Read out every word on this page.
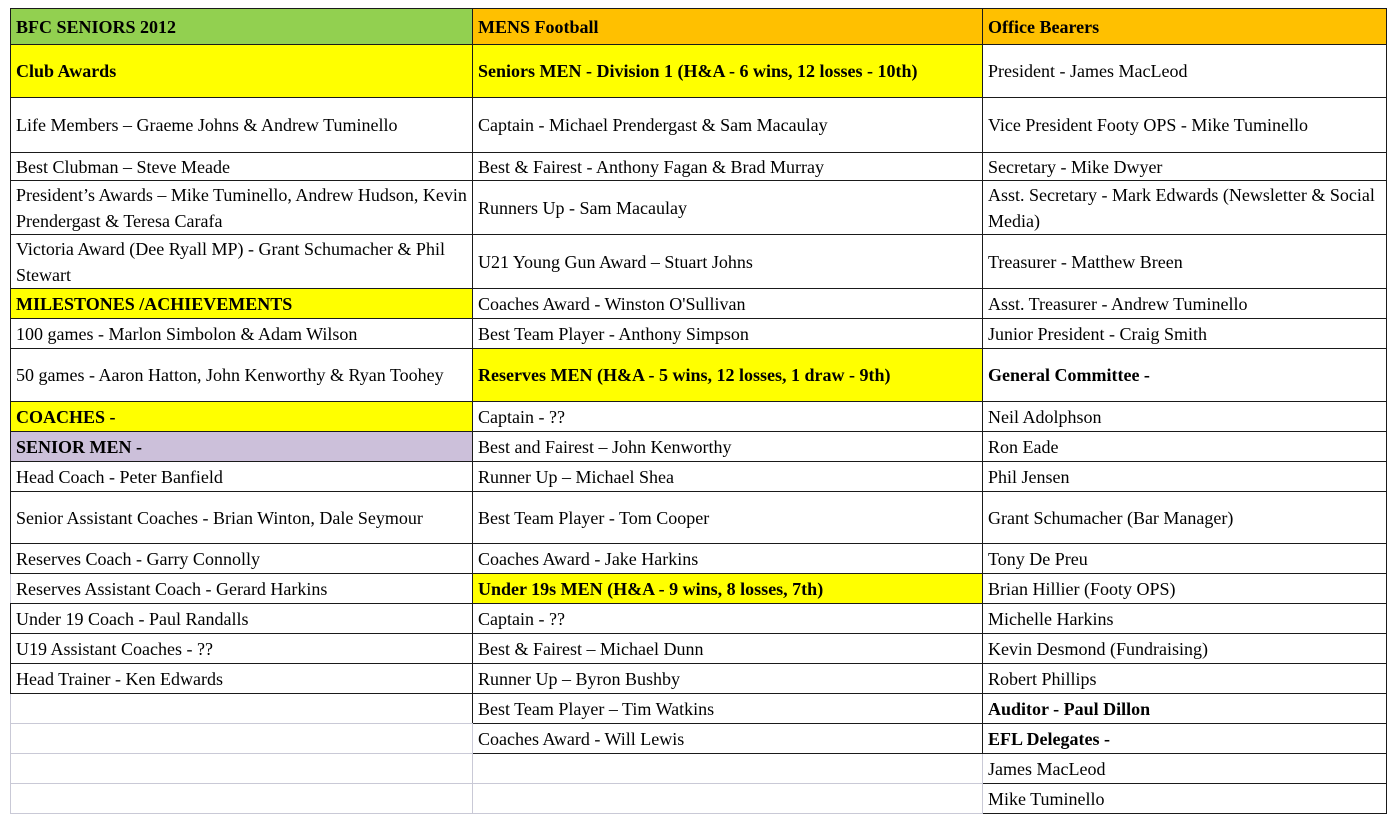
BFC SENIORS 2012	MENS Football	Office Bearers
Club Awards	Seniors MEN - Division 1 (H&A - 6 wins, 12 losses - 10th)	President - James MacLeod
Life Members – Graeme Johns & Andrew Tuminello	Captain - Michael Prendergast & Sam Macaulay	Vice President Footy OPS - Mike Tuminello
Best Clubman – Steve Meade	Best & Fairest - Anthony Fagan & Brad Murray	Secretary - Mike Dwyer
President’s Awards – Mike Tuminello, Andrew Hudson, Kevin Prendergast & Teresa Carafa	Runners Up - Sam Macaulay	Asst. Secretary - Mark Edwards (Newsletter & Social Media)
Victoria Award (Dee Ryall MP) - Grant Schumacher & Phil Stewart	U21 Young Gun Award – Stuart Johns	Treasurer - Matthew Breen
MILESTONES /ACHIEVEMENTS	Coaches Award - Winston O'Sullivan	Asst. Treasurer - Andrew Tuminello
100 games - Marlon Simbolon & Adam Wilson	Best Team Player - Anthony Simpson	Junior President - Craig Smith
50 games - Aaron Hatton, John Kenworthy & Ryan Toohey	Reserves MEN (H&A - 5 wins, 12 losses, 1 draw - 9th)	General Committee -
COACHES -	Captain - ??	Neil Adolphson
SENIOR MEN -	Best and Fairest – John Kenworthy	Ron Eade
Head Coach - Peter Banfield	Runner Up – Michael Shea	Phil Jensen
Senior Assistant Coaches - Brian Winton, Dale Seymour	Best Team Player - Tom Cooper	Grant Schumacher (Bar Manager)
Reserves Coach - Garry Connolly	Coaches Award - Jake Harkins	Tony De Preu
Reserves Assistant Coach - Gerard Harkins	Under 19s MEN (H&A - 9 wins, 8 losses, 7th)	Brian Hillier (Footy OPS)
Under 19 Coach - Paul Randalls	Captain - ??	Michelle Harkins
U19 Assistant Coaches - ??	Best & Fairest – Michael Dunn	Kevin Desmond (Fundraising)
Head Trainer - Ken Edwards	Runner Up – Byron Bushby	Robert Phillips
	Best Team Player – Tim Watkins	Auditor - Paul Dillon
	Coaches Award - Will Lewis	EFL Delegates -
		James MacLeod
		Mike Tuminello
